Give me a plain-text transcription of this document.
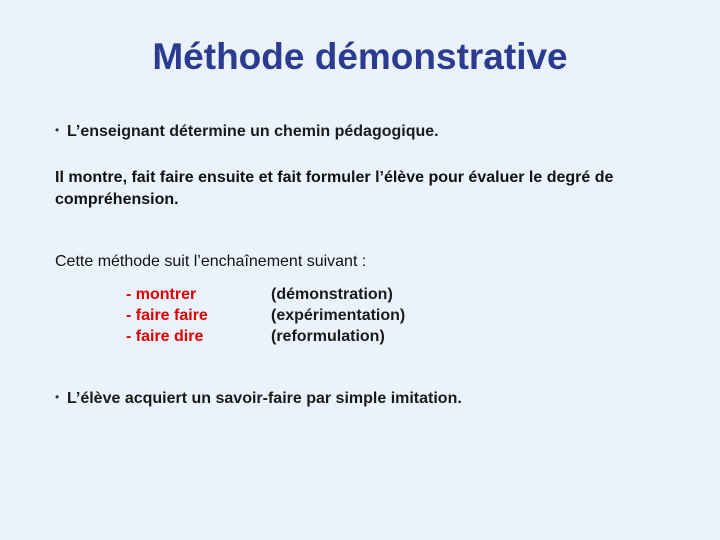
Méthode démonstrative
• L’enseignant détermine un chemin pédagogique.
Il montre, fait faire ensuite et fait formuler l’élève pour évaluer le degré de compréhension.
Cette méthode suit l’enchaînement suivant :
- montrer
- faire faire
- faire dire
(démonstration)
(expérimentation)
(reformulation)
• L’élève acquiert un savoir-faire par simple imitation.
